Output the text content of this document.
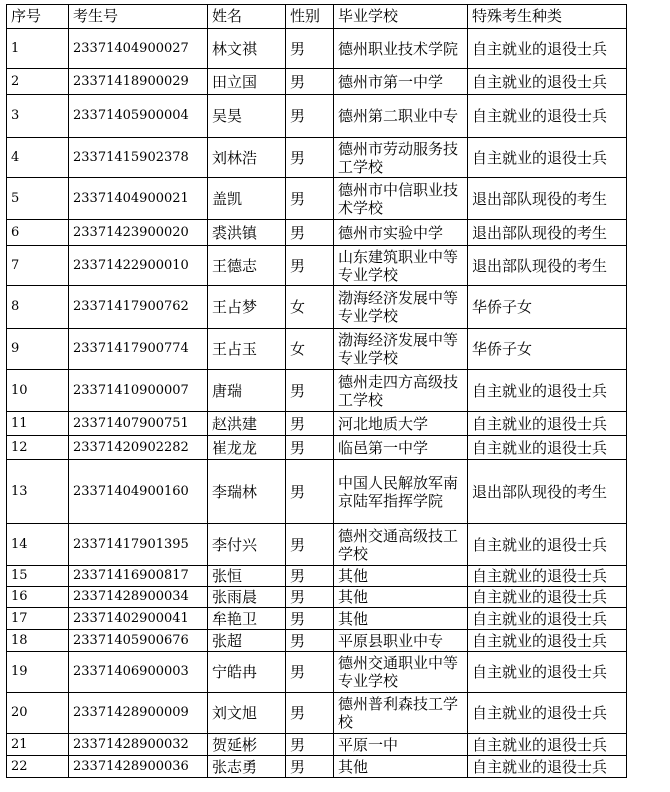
序号	考生号	姓名	性别	毕业学校	特殊考生种类
1	23371404900027	林文祺	男	德州职业技术学院	自主就业的退役士兵
2	23371418900029	田立国	男	德州市第一中学	自主就业的退役士兵
3	23371405900004	吴昊	男	德州第二职业中专	自主就业的退役士兵
4	23371415902378	刘林浩	男	德州市劳动服务技工学校	自主就业的退役士兵
5	23371404900021	盖凯	男	德州市中信职业技术学校	退出部队现役的考生
6	23371423900020	裘洪镇	男	德州市实验中学	退出部队现役的考生
7	23371422900010	王德志	男	山东建筑职业中等专业学校	退出部队现役的考生
8	23371417900762	王占梦	女	渤海经济发展中等专业学校	华侨子女
9	23371417900774	王占玉	女	渤海经济发展中等专业学校	华侨子女
10	23371410900007	唐瑞	男	德州走四方高级技工学校	自主就业的退役士兵
11	23371407900751	赵洪建	男	河北地质大学	自主就业的退役士兵
12	23371420902282	崔龙龙	男	临邑第一中学	自主就业的退役士兵
13	23371404900160	李瑞林	男	中国人民解放军南京陆军指挥学院	退出部队现役的考生
14	23371417901395	李付兴	男	德州交通高级技工学校	自主就业的退役士兵
15	23371416900817	张恒	男	其他	自主就业的退役士兵
16	23371428900034	张雨晨	男	其他	自主就业的退役士兵
17	23371402900041	牟艳卫	男	其他	自主就业的退役士兵
18	23371405900676	张超	男	平原县职业中专	自主就业的退役士兵
19	23371406900003	宁皓冉	男	德州交通职业中等专业学校	自主就业的退役士兵
20	23371428900009	刘文旭	男	德州普利森技工学校	自主就业的退役士兵
21	23371428900032	贺延彬	男	平原一中	自主就业的退役士兵
22	23371428900036	张志勇	男	其他	自主就业的退役士兵
